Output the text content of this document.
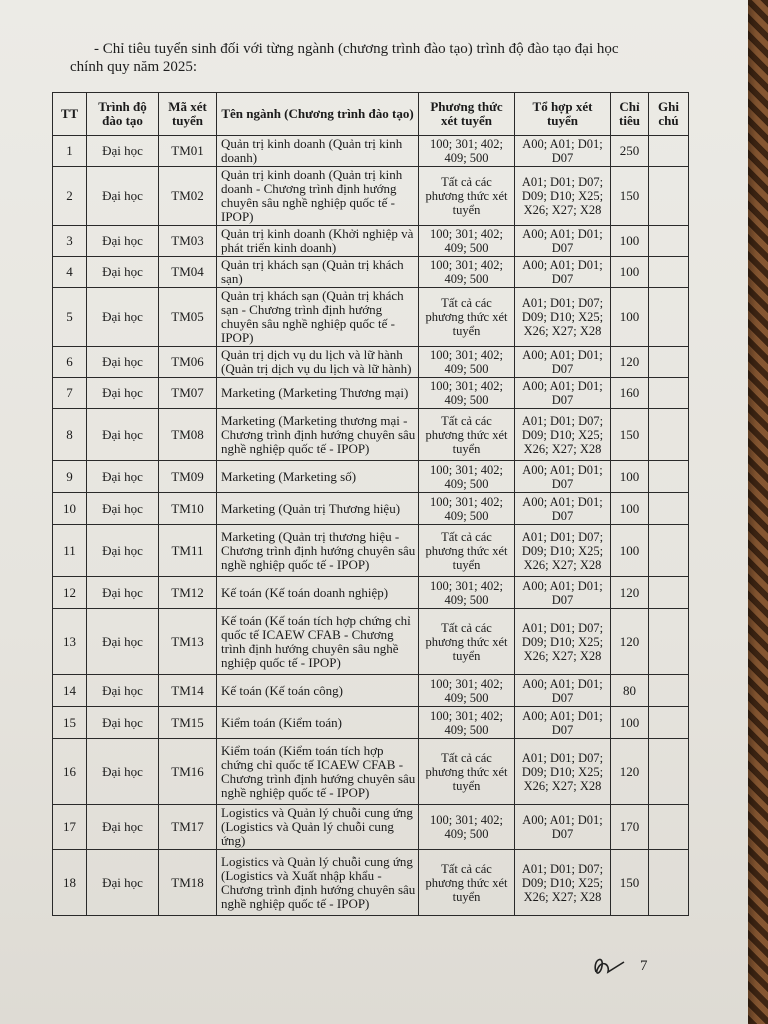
- Chỉ tiêu tuyển sinh đối với từng ngành (chương trình đào tạo) trình độ đào tạo đại học

chính quy năm 2025:

TT	Trình độ đào tạo	Mã xét tuyển	Tên ngành (Chương trình đào tạo)	Phương thức xét tuyển	Tổ hợp xét tuyển	Chỉ tiêu	Ghi chú
1	Đại học	TM01	Quản trị kinh doanh (Quản trị kinh doanh)	100; 301; 402; 409; 500	A00; A01; D01; D07	250	
2	Đại học	TM02	Quản trị kinh doanh (Quản trị kinh doanh - Chương trình định hướng chuyên sâu nghề nghiệp quốc tế - IPOP)	Tất cả các phương thức xét tuyển	A01; D01; D07; D09; D10; X25; X26; X27; X28	150	
3	Đại học	TM03	Quản trị kinh doanh (Khởi nghiệp và phát triển kinh doanh)	100; 301; 402; 409; 500	A00; A01; D01; D07	100	
4	Đại học	TM04	Quản trị khách sạn (Quản trị khách sạn)	100; 301; 402; 409; 500	A00; A01; D01; D07	100	
5	Đại học	TM05	Quản trị khách sạn (Quản trị khách sạn - Chương trình định hướng chuyên sâu nghề nghiệp quốc tế - IPOP)	Tất cả các phương thức xét tuyển	A01; D01; D07; D09; D10; X25; X26; X27; X28	100	
6	Đại học	TM06	Quản trị dịch vụ du lịch và lữ hành (Quản trị dịch vụ du lịch và lữ hành)	100; 301; 402; 409; 500	A00; A01; D01; D07	120	
7	Đại học	TM07	Marketing (Marketing Thương mại)	100; 301; 402; 409; 500	A00; A01; D01; D07	160	
8	Đại học	TM08	Marketing (Marketing thương mại - Chương trình định hướng chuyên sâu nghề nghiệp quốc tế - IPOP)	Tất cả các phương thức xét tuyển	A01; D01; D07; D09; D10; X25; X26; X27; X28	150	
9	Đại học	TM09	Marketing (Marketing số)	100; 301; 402; 409; 500	A00; A01; D01; D07	100	
10	Đại học	TM10	Marketing (Quản trị Thương hiệu)	100; 301; 402; 409; 500	A00; A01; D01; D07	100	
11	Đại học	TM11	Marketing (Quản trị thương hiệu - Chương trình định hướng chuyên sâu nghề nghiệp quốc tế - IPOP)	Tất cả các phương thức xét tuyển	A01; D01; D07; D09; D10; X25; X26; X27; X28	100	
12	Đại học	TM12	Kế toán (Kế toán doanh nghiệp)	100; 301; 402; 409; 500	A00; A01; D01; D07	120	
13	Đại học	TM13	Kế toán (Kế toán tích hợp chứng chỉ quốc tế ICAEW CFAB - Chương trình định hướng chuyên sâu nghề nghiệp quốc tế - IPOP)	Tất cả các phương thức xét tuyển	A01; D01; D07; D09; D10; X25; X26; X27; X28	120	
14	Đại học	TM14	Kế toán (Kế toán công)	100; 301; 402; 409; 500	A00; A01; D01; D07	80	
15	Đại học	TM15	Kiểm toán (Kiểm toán)	100; 301; 402; 409; 500	A00; A01; D01; D07	100	
16	Đại học	TM16	Kiểm toán (Kiểm toán tích hợp chứng chỉ quốc tế ICAEW CFAB - Chương trình định hướng chuyên sâu nghề nghiệp quốc tế - IPOP)	Tất cả các phương thức xét tuyển	A01; D01; D07; D09; D10; X25; X26; X27; X28	120	
17	Đại học	TM17	Logistics và Quản lý chuỗi cung ứng (Logistics và Quản lý chuỗi cung ứng)	100; 301; 402; 409; 500	A00; A01; D01; D07	170	
18	Đại học	TM18	Logistics và Quản lý chuỗi cung ứng (Logistics và Xuất nhập khẩu - Chương trình định hướng chuyên sâu nghề nghiệp quốc tế - IPOP)	Tất cả các phương thức xét tuyển	A01; D01; D07; D09; D10; X25; X26; X27; X28	150	
7
